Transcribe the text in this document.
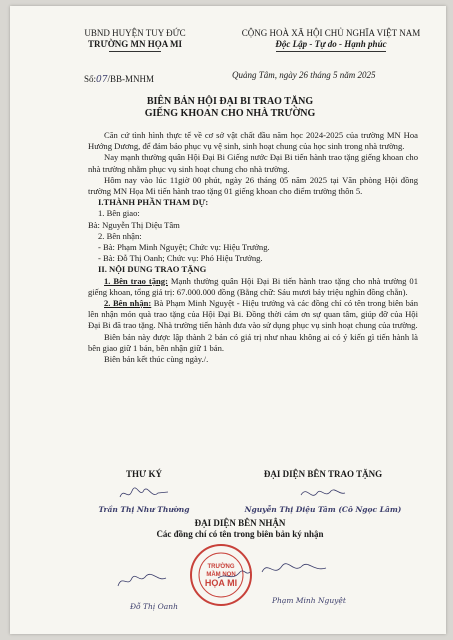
UBND HUYỆN TUY ĐỨC
TRƯỜNG MN HỌA MI
CỘNG HOÀ XÃ HỘI CHỦ NGHĨA VIỆT NAM
Độc Lập - Tự do - Hạnh phúc
Số:07/BB-MNHM	Quảng Tâm, ngày 26 tháng 5 năm 2025
BIÊN BẢN HỘI ĐẠI BI TRAO TẶNG
GIẾNG KHOAN CHO NHÀ TRƯỜNG

Căn cứ tình hình thực tế về cơ sở vật chất đầu năm học 2024-2025 của trường MN Hoa Hướng Dương, để đảm bảo phục vụ vệ sinh, sinh hoạt chung của học sinh trong nhà trường.

Nay mạnh thường quân Hội Đại Bi Giếng nước Đại Bi tiến hành trao tặng giếng khoan cho nhà trường nhằm phục vụ sinh hoạt chung cho nhà trường.

Hôm nay vào lúc 11giờ 00 phút, ngày 26 tháng 05 năm 2025 tại Văn phòng Hội đồng trường MN Họa Mi tiến hành trao tặng 01 giếng khoan cho điểm trường thôn 5.

I.THÀNH PHẦN THAM DỰ:
1. Bên giao:
Bà: Nguyễn Thị Diệu Tâm
2. Bên nhận:
- Bà: Phạm Minh Nguyệt; Chức vụ: Hiệu Trưởng.
- Bà: Đỗ Thị Oanh; Chức vụ: Phó Hiệu Trưởng.
II. NỘI DUNG TRAO TẶNG

1. Bên trao tặng: Mạnh thường quân Hội Đại Bi tiến hành trao tặng cho nhà trường 01 giếng khoan, tổng giá trị: 67.000.000 đồng (Bằng chữ: Sáu mươi bảy triệu nghìn đồng chẵn).

2. Bên nhận: Bà Phạm Minh Nguyệt - Hiệu trưởng và các đồng chí có tên trong biên bản lên nhận món quà trao tặng của Hội Đại Bi. Đồng thời cảm ơn sự quan tâm, giúp đỡ của Hội Đại Bi đã trao tặng. Nhà trường tiến hành đưa vào sử dụng phục vụ sinh hoạt chung của trường.

Biên bản này được lập thành 2 bản có giá trị như nhau không ai có ý kiến gì tiến hành là bên giao giữ 1 bản, bên nhận giữ 1 bản.

Biên bản kết thúc cùng ngày./.

THƯ KÝ
Trần Thị Như Thường
ĐẠI DIỆN BÊN TRAO TẶNG
Nguyễn Thị Diệu Tâm (Cô Ngọc Lâm)
ĐẠI DIỆN BÊN NHẬN
Các đồng chí có tên trong biên bản ký nhận
TRƯỜNG
MẦM NON
HỌA MI
Đỗ Thị Oanh
Phạm Minh Nguyệt
